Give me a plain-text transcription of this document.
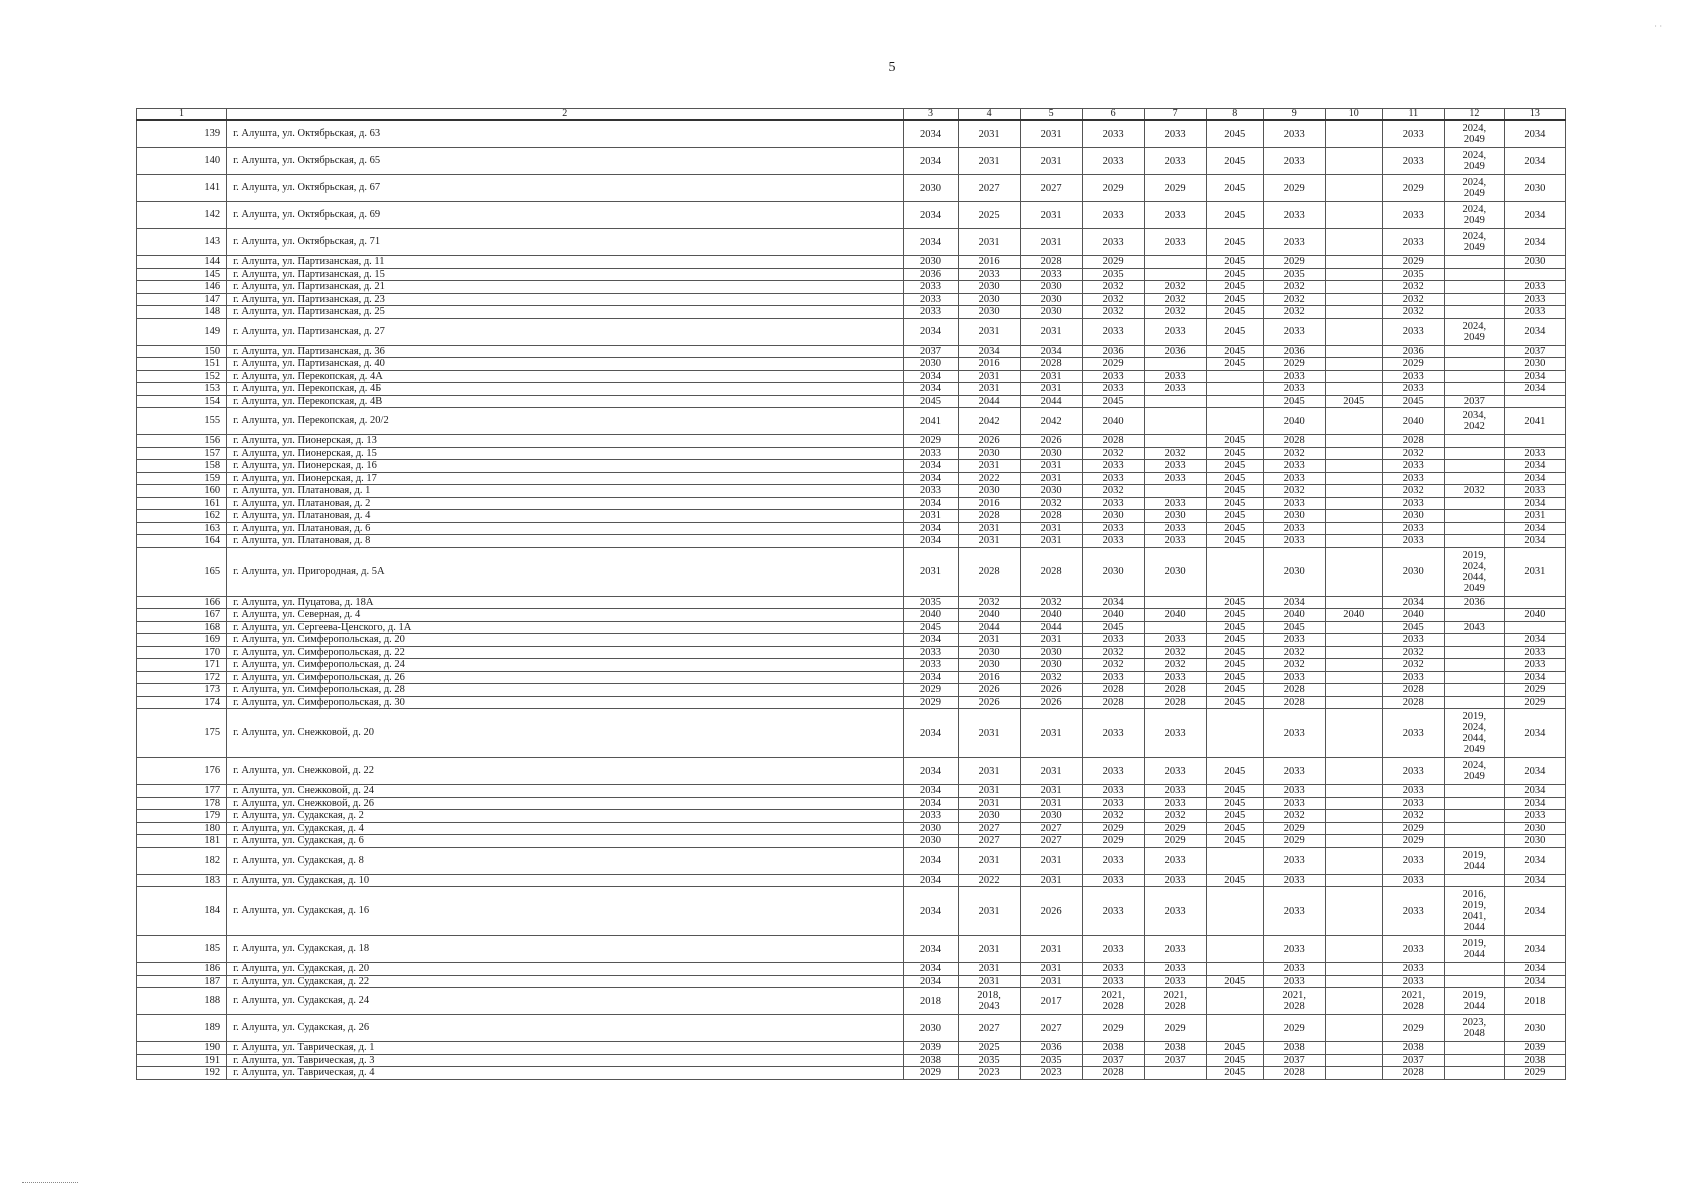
5
· ·
1	2	3	4	5	6	7	8	9	10	11	12	13
139	г. Алушта, ул. Октябрьская, д. 63	2034	2031	2031	2033	2033	2045	2033		2033	2024,
2049	2034
140	г. Алушта, ул. Октябрьская, д. 65	2034	2031	2031	2033	2033	2045	2033		2033	2024,
2049	2034
141	г. Алушта, ул. Октябрьская, д. 67	2030	2027	2027	2029	2029	2045	2029		2029	2024,
2049	2030
142	г. Алушта, ул. Октябрьская, д. 69	2034	2025	2031	2033	2033	2045	2033		2033	2024,
2049	2034
143	г. Алушта, ул. Октябрьская, д. 71	2034	2031	2031	2033	2033	2045	2033		2033	2024,
2049	2034
144	г. Алушта, ул. Партизанская, д. 11	2030	2016	2028	2029		2045	2029		2029		2030
145	г. Алушта, ул. Партизанская, д. 15	2036	2033	2033	2035		2045	2035		2035		
146	г. Алушта, ул. Партизанская, д. 21	2033	2030	2030	2032	2032	2045	2032		2032		2033
147	г. Алушта, ул. Партизанская, д. 23	2033	2030	2030	2032	2032	2045	2032		2032		2033
148	г. Алушта, ул. Партизанская, д. 25	2033	2030	2030	2032	2032	2045	2032		2032		2033
149	г. Алушта, ул. Партизанская, д. 27	2034	2031	2031	2033	2033	2045	2033		2033	2024,
2049	2034
150	г. Алушта, ул. Партизанская, д. 36	2037	2034	2034	2036	2036	2045	2036		2036		2037
151	г. Алушта, ул. Партизанская, д. 40	2030	2016	2028	2029		2045	2029		2029		2030
152	г. Алушта, ул. Перекопская, д. 4А	2034	2031	2031	2033	2033		2033		2033		2034
153	г. Алушта, ул. Перекопская, д. 4Б	2034	2031	2031	2033	2033		2033		2033		2034
154	г. Алушта, ул. Перекопская, д. 4В	2045	2044	2044	2045			2045	2045	2045	2037	
155	г. Алушта, ул. Перекопская, д. 20/2	2041	2042	2042	2040			2040		2040	2034,
2042	2041
156	г. Алушта, ул. Пионерская, д. 13	2029	2026	2026	2028		2045	2028		2028		
157	г. Алушта, ул. Пионерская, д. 15	2033	2030	2030	2032	2032	2045	2032		2032		2033
158	г. Алушта, ул. Пионерская, д. 16	2034	2031	2031	2033	2033	2045	2033		2033		2034
159	г. Алушта, ул. Пионерская, д. 17	2034	2022	2031	2033	2033	2045	2033		2033		2034
160	г. Алушта, ул. Платановая, д. 1	2033	2030	2030	2032		2045	2032		2032	2032	2033
161	г. Алушта, ул. Платановая, д. 2	2034	2016	2032	2033	2033	2045	2033		2033		2034
162	г. Алушта, ул. Платановая, д. 4	2031	2028	2028	2030	2030	2045	2030		2030		2031
163	г. Алушта, ул. Платановая, д. 6	2034	2031	2031	2033	2033	2045	2033		2033		2034
164	г. Алушта, ул. Платановая, д. 8	2034	2031	2031	2033	2033	2045	2033		2033		2034
165	г. Алушта, ул. Пригородная, д. 5А	2031	2028	2028	2030	2030		2030		2030	2019,
2024,
2044,
2049	2031
166	г. Алушта, ул. Пуцатова, д. 18А	2035	2032	2032	2034		2045	2034		2034	2036	
167	г. Алушта, ул. Северная, д. 4	2040	2040	2040	2040	2040	2045	2040	2040	2040		2040
168	г. Алушта, ул. Сергеева-Ценского, д. 1А	2045	2044	2044	2045		2045	2045		2045	2043	
169	г. Алушта, ул. Симферопольская, д. 20	2034	2031	2031	2033	2033	2045	2033		2033		2034
170	г. Алушта, ул. Симферопольская, д. 22	2033	2030	2030	2032	2032	2045	2032		2032		2033
171	г. Алушта, ул. Симферопольская, д. 24	2033	2030	2030	2032	2032	2045	2032		2032		2033
172	г. Алушта, ул. Симферопольская, д. 26	2034	2016	2032	2033	2033	2045	2033		2033		2034
173	г. Алушта, ул. Симферопольская, д. 28	2029	2026	2026	2028	2028	2045	2028		2028		2029
174	г. Алушта, ул. Симферопольская, д. 30	2029	2026	2026	2028	2028	2045	2028		2028		2029
175	г. Алушта, ул. Снежковой, д. 20	2034	2031	2031	2033	2033		2033		2033	2019,
2024,
2044,
2049	2034
176	г. Алушта, ул. Снежковой, д. 22	2034	2031	2031	2033	2033	2045	2033		2033	2024,
2049	2034
177	г. Алушта, ул. Снежковой, д. 24	2034	2031	2031	2033	2033	2045	2033		2033		2034
178	г. Алушта, ул. Снежковой, д. 26	2034	2031	2031	2033	2033	2045	2033		2033		2034
179	г. Алушта, ул. Судакская, д. 2	2033	2030	2030	2032	2032	2045	2032		2032		2033
180	г. Алушта, ул. Судакская, д. 4	2030	2027	2027	2029	2029	2045	2029		2029		2030
181	г. Алушта, ул. Судакская, д. 6	2030	2027	2027	2029	2029	2045	2029		2029		2030
182	г. Алушта, ул. Судакская, д. 8	2034	2031	2031	2033	2033		2033		2033	2019,
2044	2034
183	г. Алушта, ул. Судакская, д. 10	2034	2022	2031	2033	2033	2045	2033		2033		2034
184	г. Алушта, ул. Судакская, д. 16	2034	2031	2026	2033	2033		2033		2033	2016,
2019,
2041,
2044	2034
185	г. Алушта, ул. Судакская, д. 18	2034	2031	2031	2033	2033		2033		2033	2019,
2044	2034
186	г. Алушта, ул. Судакская, д. 20	2034	2031	2031	2033	2033		2033		2033		2034
187	г. Алушта, ул. Судакская, д. 22	2034	2031	2031	2033	2033	2045	2033		2033		2034
188	г. Алушта, ул. Судакская, д. 24	2018	2018,
2043	2017	2021,
2028	2021,
2028		2021,
2028		2021,
2028	2019,
2044	2018
189	г. Алушта, ул. Судакская, д. 26	2030	2027	2027	2029	2029		2029		2029	2023,
2048	2030
190	г. Алушта, ул. Таврическая, д. 1	2039	2025	2036	2038	2038	2045	2038		2038		2039
191	г. Алушта, ул. Таврическая, д. 3	2038	2035	2035	2037	2037	2045	2037		2037		2038
192	г. Алушта, ул. Таврическая, д. 4	2029	2023	2023	2028		2045	2028		2028		2029
